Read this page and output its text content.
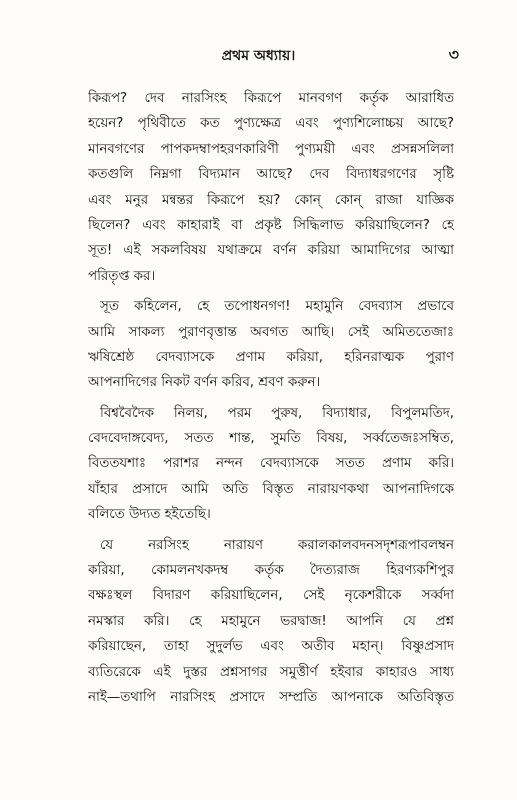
প্রথম অধ্যায়।	৩
কিরূপ? দেব নারসিংহ কিরূপে মানবগণ কর্তৃক আরাধিত
হয়েন? পৃথিবীতে কত পুণ্যক্ষেত্র এবং পুণ্যশিলোচ্চয় আছে?
মানবগণের পাপকদম্বাপহরণকারিণী পুণ্যময়ী এবং প্রসন্নসলিলা
কতগুলি নিম্নগা বিদ্যমান আছে? দেব বিদ্যাধরগণের সৃষ্টি
এবং মনুর মন্বন্তর কিরূপে হয়? কোন্ কোন্ রাজা যাজ্ঞিক
ছিলেন? এবং কাহারাই বা প্রকৃষ্ট সিদ্ধিলাভ করিয়াছিলেন? হে
সূত! এই সকলবিষয় যথাক্রমে বর্ণন করিয়া আমাদিগের আত্মা
পরিতৃপ্ত কর।
সূত কহিলেন, হে তপোধনগণ! মহামুনি বেদব্যাস প্রভাবে
আমি সাকল্য পুরাণবৃত্তান্ত অবগত আছি। সেই অমিততেজাঃ
ঋষিশ্রেষ্ঠ বেদব্যাসকে প্রণাম করিয়া, হরিনরাত্মক পুরাণ
আপনাদিগের নিকট বর্ণন করিব, শ্রবণ করুন।
বিশ্ববৈদৈক নিলয়, পরম পুরুষ, বিদ্যাধার, বিপুলমতিদ,
বেদবেদাঙ্গবেদ্য, সতত শান্ত, সুমতি বিষয়, সর্ব্বতেজঃসম্বিত,
বিততযশাঃ পরাশর নন্দন বেদব্যাসকে সতত প্রণাম করি।
যাঁহার প্রসাদে আমি অতি বিস্তৃত নারায়ণকথা আপনাদিগকে
বলিতে উদ্যত হইতেছি।
যে নরসিংহ নারায়ণ করালকালবদনসদৃশরূপাবলম্বন
করিয়া, কোমলনখকদম্ব কর্তৃক দৈত্যরাজ হিরণ্যকশিপুর
বক্ষঃস্থল বিদারণ করিয়াছিলেন, সেই নৃকেশরীকে সর্ব্বদা
নমস্কার করি। হে মহামুনে ভরদ্বাজ! আপনি যে প্রশ্ন
করিয়াছেন, তাহা সুদুর্লভ এবং অতীব মহান্। বিষ্ণুপ্রসাদ
ব্যতিরেকে এই দুস্তর প্রশ্নসাগর সমুত্তীর্ণ হইবার কাহারও সাধ্য
নাই—তথাপি নারসিংহ প্রসাদে সম্প্রতি আপনাকে অতিবিস্তৃত
